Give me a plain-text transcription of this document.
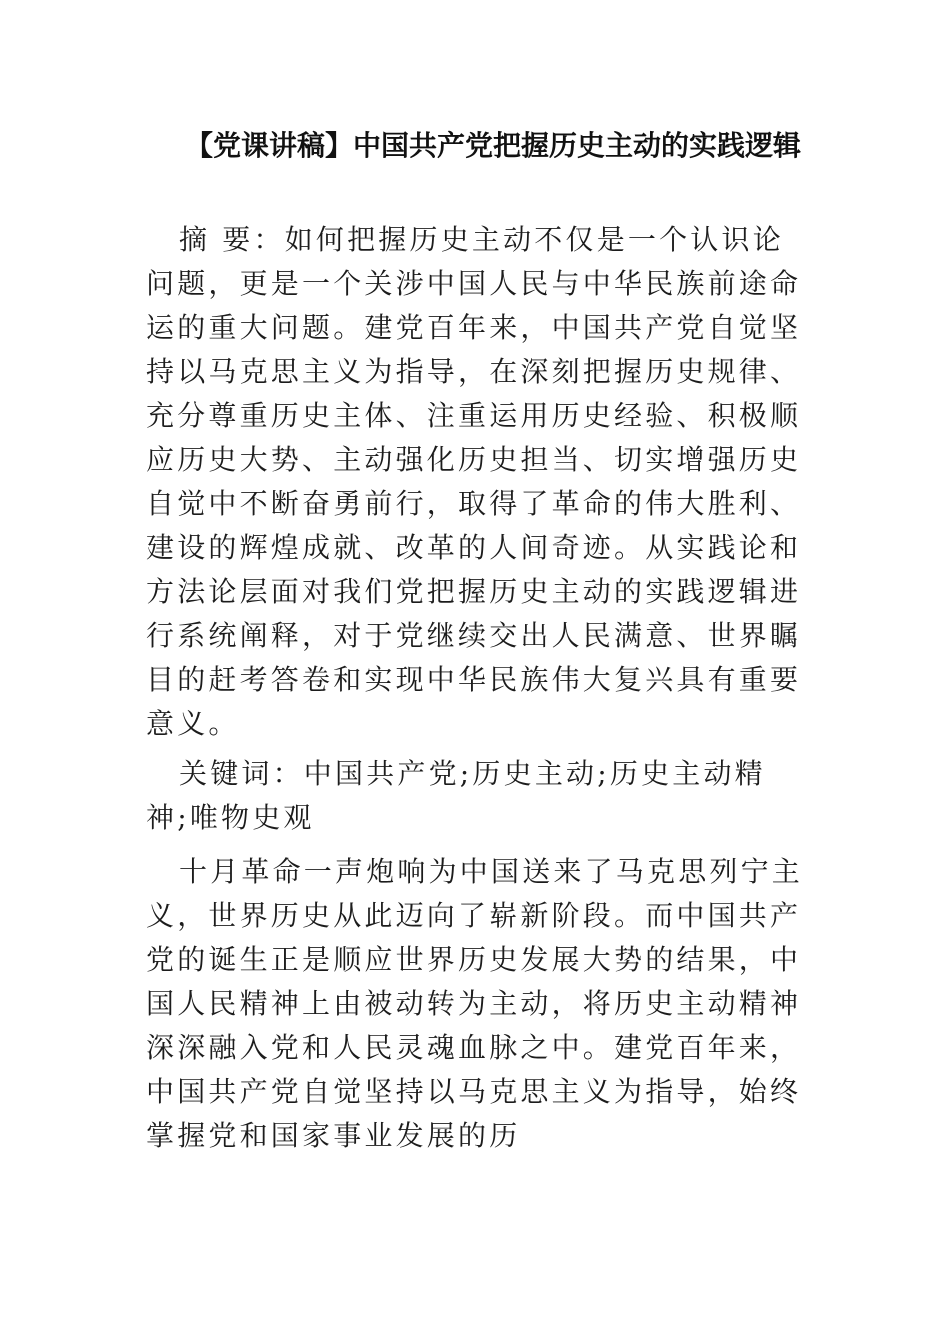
【党课讲稿】中国共产党把握历史主动的实践逻辑

摘 要：如何把握历史主动不仅是一个认识论问题，更是一个关涉中国人民与中华民族前途命运的重大问题。建党百年来，中国共产党自觉坚持以马克思主义为指导，在深刻把握历史规律、充分尊重历史主体、注重运用历史经验、积极顺应历史大势、主动强化历史担当、切实增强历史自觉中不断奋勇前行，取得了革命的伟大胜利、建设的辉煌成就、改革的人间奇迹。从实践论和方法论层面对我们党把握历史主动的实践逻辑进行系统阐释，对于党继续交出人民满意、世界瞩目的赶考答卷和实现中华民族伟大复兴具有重要意义。

关键词：中国共产党;历史主动;历史主动精神;唯物史观

十月革命一声炮响为中国送来了马克思列宁主义，世界历史从此迈向了崭新阶段。而中国共产党的诞生正是顺应世界历史发展大势的结果，中国人民精神上由被动转为主动，将历史主动精神深深融入党和人民灵魂血脉之中。建党百年来，中国共产党自觉坚持以马克思主义为指导，始终掌握党和国家事业发展的历
